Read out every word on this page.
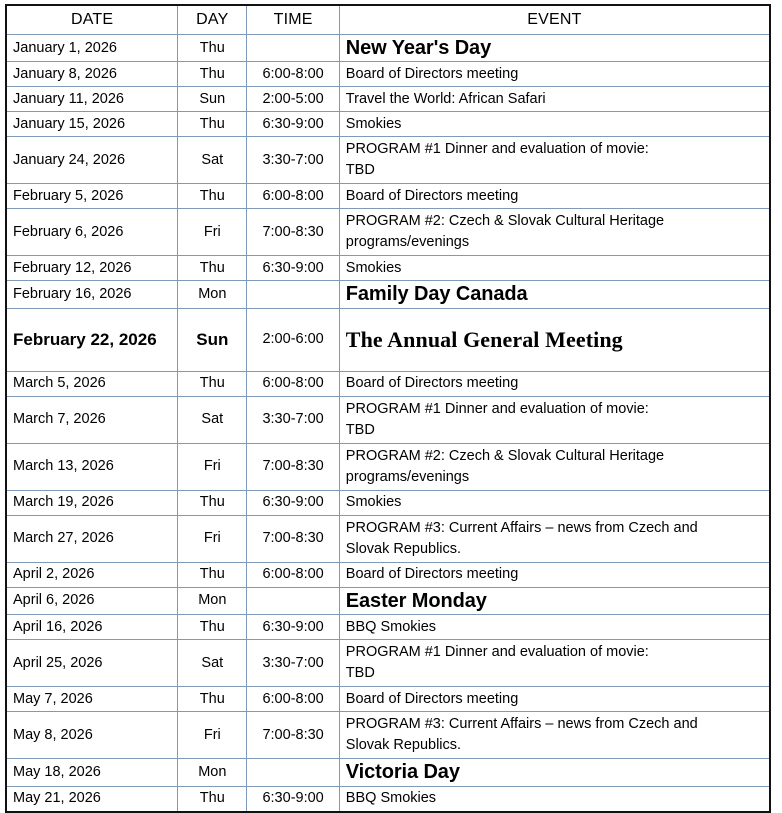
DATE	DAY	TIME	EVENT
January 1, 2026	Thu		New Year's Day

January 8, 2026	Thu	6:00-8:00	Board of Directors meeting

January 11, 2026	Sun	2:00-5:00	Travel the World: African Safari

January 15, 2026	Thu	6:30-9:00	Smokies

January 24, 2026	Sat	3:30-7:00	PROGRAM #1 Dinner and evaluation of movie:
TBD

February 5, 2026	Thu	6:00-8:00	Board of Directors meeting

February 6, 2026	Fri	7:00-8:30	PROGRAM #2: Czech & Slovak Cultural Heritage
programs/evenings

February 12, 2026	Thu	6:30-9:00	Smokies

February 16, 2026	Mon		Family Day Canada

February 22, 2026	Sun	2:00-6:00	The Annual General Meeting

March 5, 2026	Thu	6:00-8:00	Board of Directors meeting

March 7, 2026	Sat	3:30-7:00	PROGRAM #1 Dinner and evaluation of movie:
TBD

March 13, 2026	Fri	7:00-8:30	PROGRAM #2: Czech & Slovak Cultural Heritage
programs/evenings

March 19, 2026	Thu	6:30-9:00	Smokies

March 27, 2026	Fri	7:00-8:30	PROGRAM #3: Current Affairs – news from Czech and
Slovak Republics.

April 2, 2026	Thu	6:00-8:00	Board of Directors meeting

April 6, 2026	Mon		Easter Monday

April 16, 2026	Thu	6:30-9:00	BBQ Smokies

April 25, 2026	Sat	3:30-7:00	PROGRAM #1 Dinner and evaluation of movie:
TBD

May 7, 2026	Thu	6:00-8:00	Board of Directors meeting

May 8, 2026	Fri	7:00-8:30	PROGRAM #3: Current Affairs – news from Czech and
Slovak Republics.

May 18, 2026	Mon		Victoria Day

May 21, 2026	Thu	6:30-9:00	BBQ Smokies
